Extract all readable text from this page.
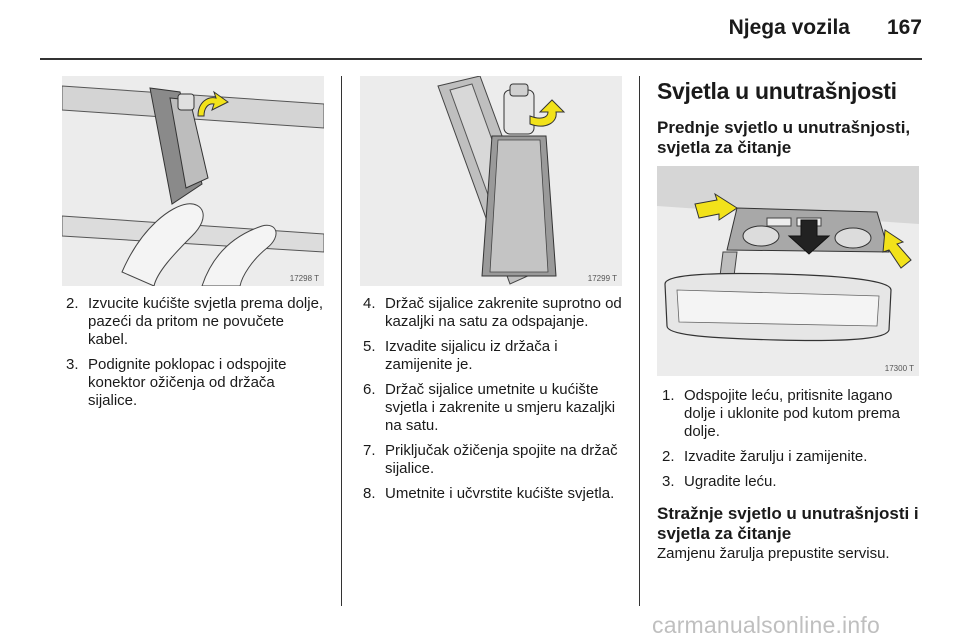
Njega vozila	167
17298 T	17299 T
17300 T
2. Izvucite kućište svjetla prema dolje, pazeći da pritom ne povučete kabel.
3. Podignite poklopac i odspojite konektor ožičenja od držača sijalice.
4. Držač sijalice zakrenite suprotno od kazaljki na satu za odspajanje.
5. Izvadite sijalicu iz držača i zamijenite je.
6. Držač sijalice umetnite u kućište svjetla i zakrenite u smjeru kazaljki na satu.
7. Priključak ožičenja spojite na držač sijalice.
8. Umetnite i učvrstite kućište svjetla.
Svjetla u unutrašnjosti
Prednje svjetlo u unutrašnjosti, svjetla za čitanje
1. Odspojite leću, pritisnite lagano dolje i uklonite pod kutom prema dolje.
2. Izvadite žarulju i zamijenite.
3. Ugradite leću.
Stražnje svjetlo u unutrašnjosti i svjetla za čitanje
Zamjenu žarulja prepustite servisu.
carmanualsonline.info
